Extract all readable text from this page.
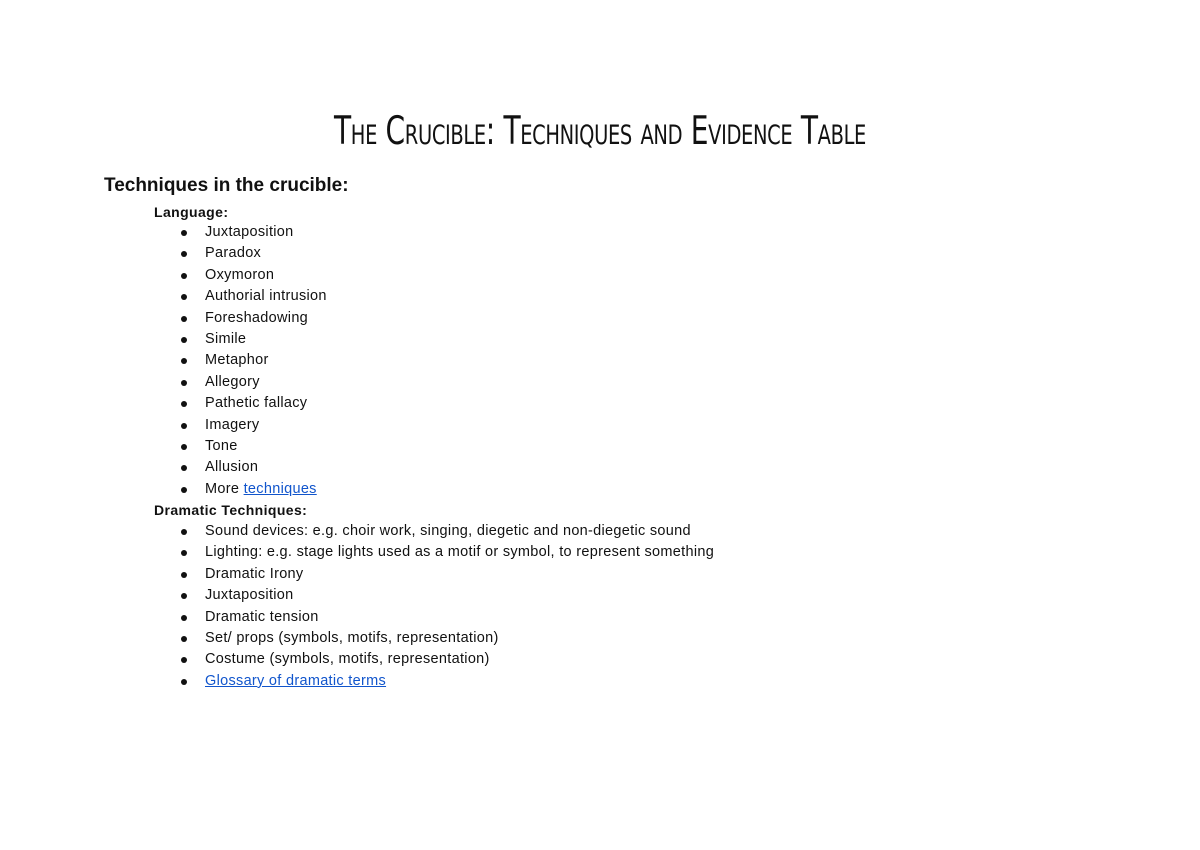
The Crucible: Techniques and Evidence Table
Techniques in the crucible:
Language:
Juxtaposition
Paradox
Oxymoron
Authorial intrusion
Foreshadowing
Simile
Metaphor
Allegory
Pathetic fallacy
Imagery
Tone
Allusion
More techniques
Dramatic Techniques:
Sound devices: e.g. choir work, singing, diegetic and non-diegetic sound
Lighting: e.g. stage lights used as a motif or symbol, to represent something
Dramatic Irony
Juxtaposition
Dramatic tension
Set/ props (symbols, motifs, representation)
Costume (symbols, motifs, representation)
Glossary of dramatic terms
